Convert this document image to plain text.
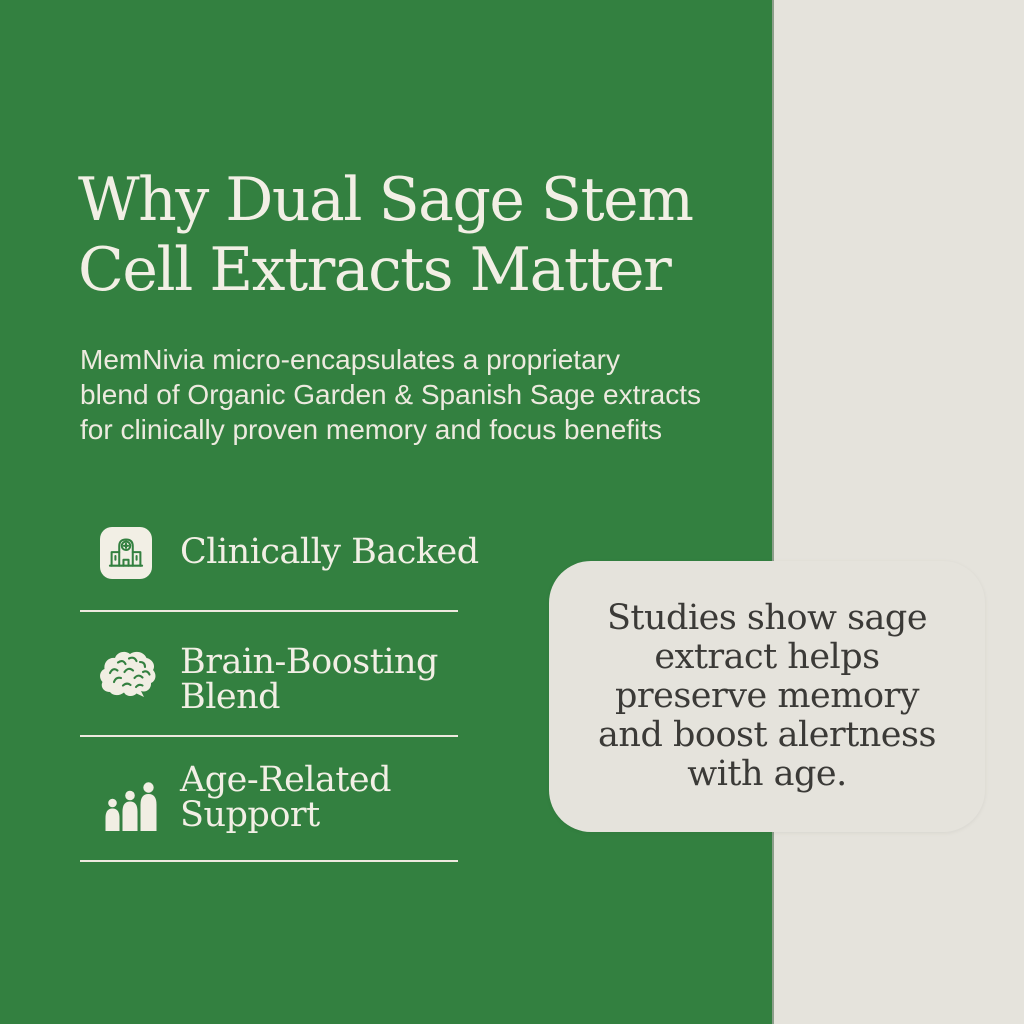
Why Dual Sage Stem
Cell Extracts Matter

MemNivia micro-encapsulates a proprietary
blend of Organic Garden & Spanish Sage extracts
for clinically proven memory and focus benefits

Clinically Backed
Brain-Boosting
Blend
Age-Related
Support
Studies show sage
extract helps
preserve memory
and boost alertness
with age.
